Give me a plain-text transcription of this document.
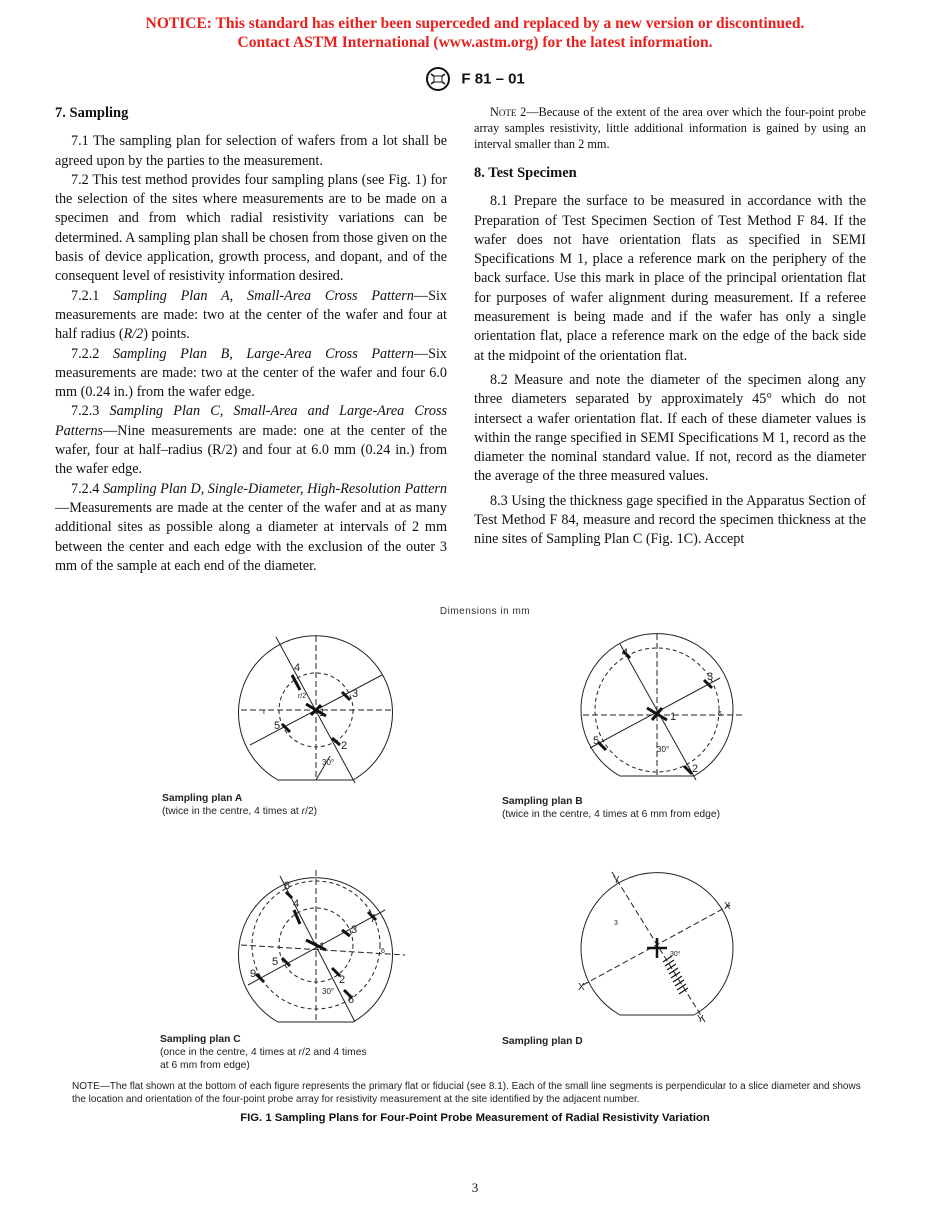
NOTICE: This standard has either been superceded and replaced by a new version or discontinued.
Contact ASTM International (www.astm.org) for the latest information.
F 81 – 01
7. Sampling

7.1 The sampling plan for selection of wafers from a lot shall be agreed upon by the parties to the measurement.

7.2 This test method provides four sampling plans (see Fig. 1) for the selection of the sites where measurements are to be made on a specimen and from which radial resistivity variations can be determined. A sampling plan shall be chosen from those given on the basis of device application, growth process, and dopant, and of the consequent level of resistivity information desired.

7.2.1 Sampling Plan A, Small-Area Cross Pattern—Six measurements are made: two at the center of the wafer and four at half radius (R/2) points.

7.2.2 Sampling Plan B, Large-Area Cross Pattern—Six measurements are made: two at the center of the wafer and four 6.0 mm (0.24 in.) from the wafer edge.

7.2.3 Sampling Plan C, Small-Area and Large-Area Cross Patterns—Nine measurements are made: one at the center of the wafer, four at half–radius (R/2) and four at 6.0 mm (0.24 in.) from the wafer edge.

7.2.4 Sampling Plan D, Single-Diameter, High-Resolution Pattern—Measurements are made at the center of the wafer and at as many additional sites as possible along a diameter at intervals of 2 mm between the center and each edge with the exclusion of the outer 3 mm of the sample at each end of the diameter.

Note 2—Because of the extent of the area over which the four-point probe array samples resistivity, little additional information is gained by using an interval smaller than 2 mm.

8. Test Specimen

8.1 Prepare the surface to be measured in accordance with the Preparation of Test Specimen Section of Test Method F 84. If the wafer does not have orientation flats as specified in SEMI Specifications M 1, place a reference mark on the periphery of the back surface. Use this mark in place of the principal orientation flat for purposes of wafer alignment during measurement. If a referee measurement is being made and if the wafer has only a single orientation flat, place a reference mark on the edge of the back side at the midpoint of the orientation flat.

8.2 Measure and note the diameter of the specimen along any three diameters separated by approximately 45° which do not intersect a wafer orientation flat. If each of these diameter values is within the range specified in SEMI Specifications M 1, record as the diameter the nominal standard value. If not, record as the diameter the average of the three measured values.

8.3 Using the thickness gage specified in the Apparatus Section of Test Method F 84, measure and record the specimen thickness at the nine sites of Sampling Plan C (Fig. 1C). Accept

Dimensions in mm
4
3
1
5
2
30°
r/2
r
4
3
1
5
2
30°
6
8
4
7
3
1
5
9	2
6
30°
6
Y
X
X
Y
3
30°
Sampling plan A
(twice in the centre, 4 times at r/2)
Sampling plan B
(twice in the centre, 4 times at 6 mm from edge)
Sampling plan C
(once in the centre, 4 times at r/2 and 4 times
at 6 mm from edge)
Sampling plan D
NOTE—The flat shown at the bottom of each figure represents the primary flat or fiducial (see 8.1). Each of the small line segments is perpendicular to a slice diameter and shows the location and orientation of the four-point probe array for resistivity measurement at the site identified by the adjacent number.
FIG. 1 Sampling Plans for Four-Point Probe Measurement of Radial Resistivity Variation
3
